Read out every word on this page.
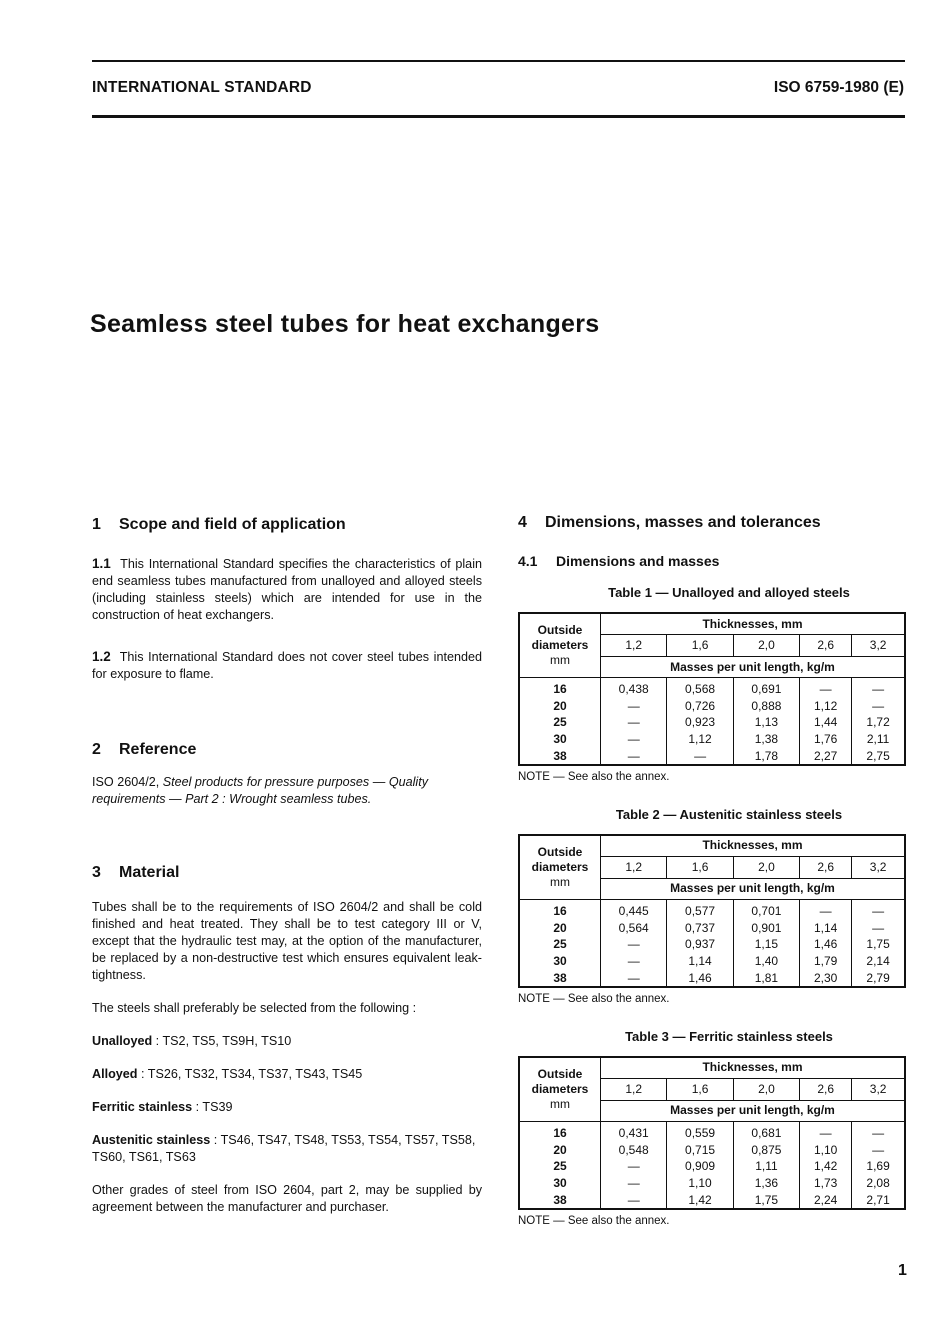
INTERNATIONAL STANDARD	ISO 6759-1980 (E)
Seamless steel tubes for heat exchangers
1 Scope and field of application

1.1 This International Standard specifies the characteristics of plain end seamless tubes manufactured from unalloyed and alloyed steels (including stainless steels) which are intended for use in the construction of heat exchangers.

1.2 This International Standard does not cover steel tubes intended for exposure to flame.

2 Reference

ISO 2604/2, Steel products for pressure purposes — Quality requirements — Part 2 : Wrought seamless tubes.

3 Material

Tubes shall be to the requirements of ISO 2604/2 and shall be cold finished and heat treated. They shall be to test category III or V, except that the hydraulic test may, at the option of the manufacturer, be replaced by a non-destructive test which ensures equivalent leak-tightness.

The steels shall preferably be selected from the following :

Unalloyed : TS2, TS5, TS9H, TS10

Alloyed : TS26, TS32, TS34, TS37, TS43, TS45

Ferritic stainless : TS39

Austenitic stainless : TS46, TS47, TS48, TS53, TS54, TS57, TS58, TS60, TS61, TS63

Other grades of steel from ISO 2604, part 2, may be supplied by agreement between the manufacturer and purchaser.

4 Dimensions, masses and tolerances
4.1 Dimensions and masses
Table 1 — Unalloyed and alloyed steels
Outside
diameters
mm	Thicknesses, mm				
	1,2	1,6	2,0	2,6	3,2
	Masses per unit length, kg/m				
16	0,438	0,568	0,691	—	—
20	—	0,726	0,888	1,12	—
25	—	0,923	1,13	1,44	1,72
30	—	1,12	1,38	1,76	2,11
38	—	—	1,78	2,27	2,75
NOTE — See also the annex.
Table 2 — Austenitic stainless steels
Outside
diameters
mm	Thicknesses, mm				
	1,2	1,6	2,0	2,6	3,2
	Masses per unit length, kg/m				
16	0,445	0,577	0,701	—	—
20	0,564	0,737	0,901	1,14	—
25	—	0,937	1,15	1,46	1,75
30	—	1,14	1,40	1,79	2,14
38	—	1,46	1,81	2,30	2,79
NOTE — See also the annex.
Table 3 — Ferritic stainless steels
Outside
diameters
mm	Thicknesses, mm				
	1,2	1,6	2,0	2,6	3,2
	Masses per unit length, kg/m				
16	0,431	0,559	0,681	—	—
20	0,548	0,715	0,875	1,10	—
25	—	0,909	1,11	1,42	1,69
30	—	1,10	1,36	1,73	2,08
38	—	1,42	1,75	2,24	2,71
NOTE — See also the annex.
1
